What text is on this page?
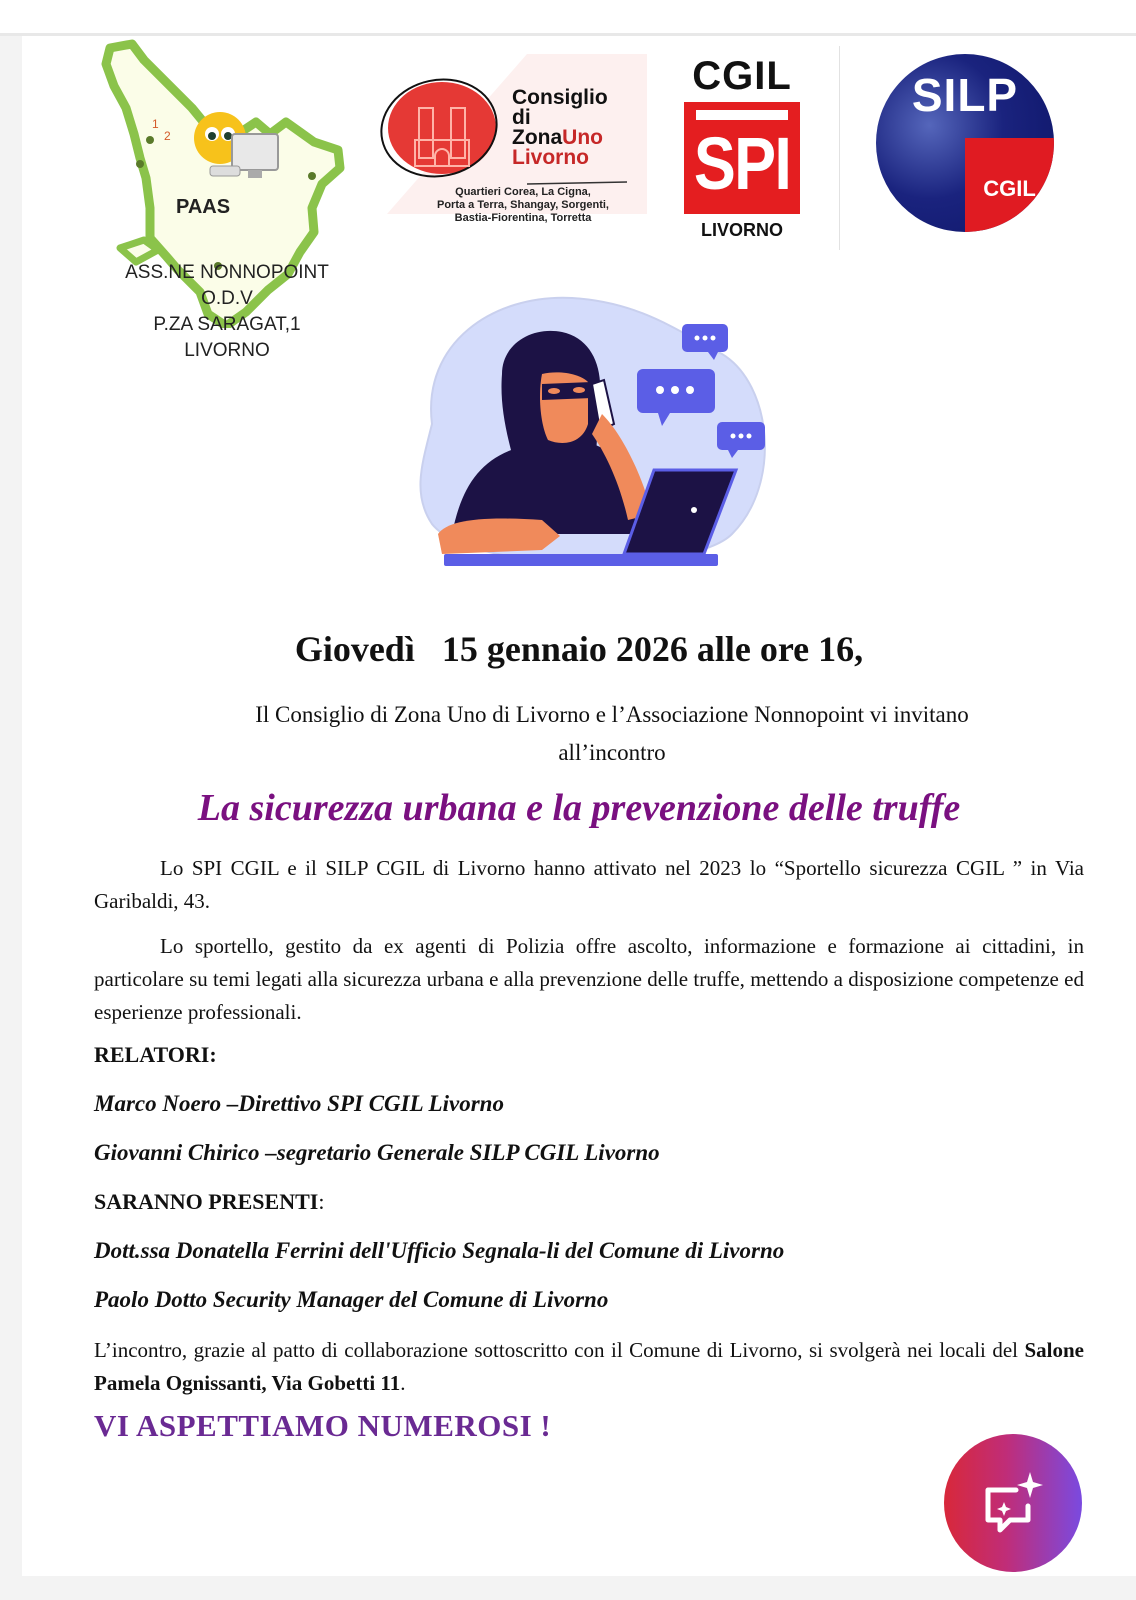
1
2
PAAS
ASS.NE NONNOPOINT
O.D.V
P.ZA SARAGAT,1
LIVORNO
Consiglio
di
ZonaUno
Livorno
Quartieri Corea, La Cigna,
Porta a Terra, Shangay, Sorgenti,
Bastia-Fiorentina, Torretta
CGIL
SPI
LIVORNO
SILP
CGIL
Giovedì   15 gennaio 2026 alle ore 16,
Il Consiglio di Zona Uno di Livorno e l’Associazione Nonnopoint vi invitano
all’incontro
La sicurezza urbana e la prevenzione delle truffe
Lo SPI CGIL e il SILP CGIL di Livorno hanno attivato nel 2023 lo “Sportello sicurezza CGIL ” in Via Garibaldi, 43.
Lo sportello, gestito da ex agenti di Polizia offre ascolto, informazione e formazione ai cittadini, in particolare su temi legati alla sicurezza urbana e alla prevenzione delle truffe, mettendo a disposizione competenze ed esperienze professionali.
RELATORI:
Marco Noero –Direttivo SPI CGIL Livorno
Giovanni Chirico –segretario Generale SILP CGIL Livorno
SARANNO PRESENTI:
Dott.ssa Donatella Ferrini dell'Ufficio Segnala-li del Comune di Livorno
Paolo Dotto Security Manager del Comune di Livorno
L’incontro, grazie al patto di collaborazione sottoscritto con il Comune di Livorno, si svolgerà nei locali del Salone Pamela Ognissanti, Via Gobetti 11.
VI ASPETTIAMO NUMEROSI !
